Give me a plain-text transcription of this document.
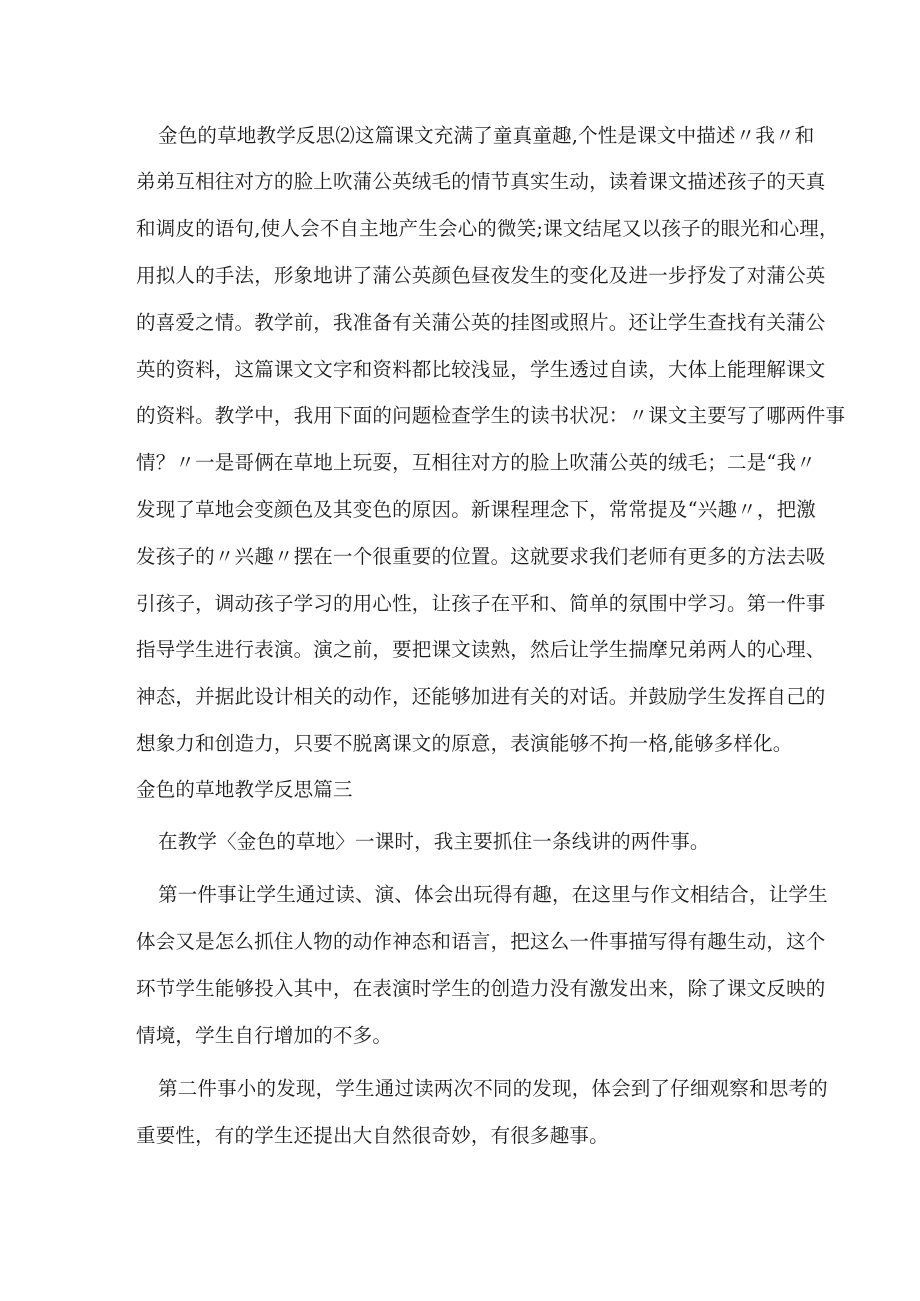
金色的草地教学反思⑵这篇课文充满了童真童趣,个性是课文中描述〃我〃和
弟弟互相往对方的脸上吹蒲公英绒毛的情节真实生动，读着课文描述孩子的天真
和调皮的语句,使人会不自主地产生会心的微笑;课文结尾又以孩子的眼光和心理，
用拟人的手法，形象地讲了蒲公英颜色昼夜发生的变化及进一步抒发了对蒲公英
的喜爱之情。教学前，我准备有关蒲公英的挂图或照片。还让学生查找有关蒲公
英的资料，这篇课文文字和资料都比较浅显，学生透过自读，大体上能理解课文
的资料。教学中，我用下面的问题检查学生的读书状况：〃课文主要写了哪两件事
情？〃一是哥俩在草地上玩耍，互相往对方的脸上吹蒲公英的绒毛；二是“我〃
发现了草地会变颜色及其变色的原因。新课程理念下，常常提及“兴趣〃，把激
发孩子的〃兴趣〃摆在一个很重要的位置。这就要求我们老师有更多的方法去吸
引孩子，调动孩子学习的用心性，让孩子在平和、简单的氛围中学习。第一件事
指导学生进行表演。演之前，要把课文读熟，然后让学生揣摩兄弟两人的心理、
神态，并据此设计相关的动作，还能够加进有关的对话。并鼓励学生发挥自己的
想象力和创造力，只要不脱离课文的原意，表演能够不拘一格,能够多样化。
金色的草地教学反思篇三
在教学〈金色的草地〉一课时，我主要抓住一条线讲的两件事。
第一件事让学生通过读、演、体会出玩得有趣，在这里与作文相结合，让学生
体会又是怎么抓住人物的动作神态和语言，把这么一件事描写得有趣生动，这个
环节学生能够投入其中，在表演时学生的创造力没有激发出来，除了课文反映的
情境，学生自行增加的不多。
第二件事小的发现，学生通过读两次不同的发现，体会到了仔细观察和思考的
重要性，有的学生还提出大自然很奇妙，有很多趣事。
